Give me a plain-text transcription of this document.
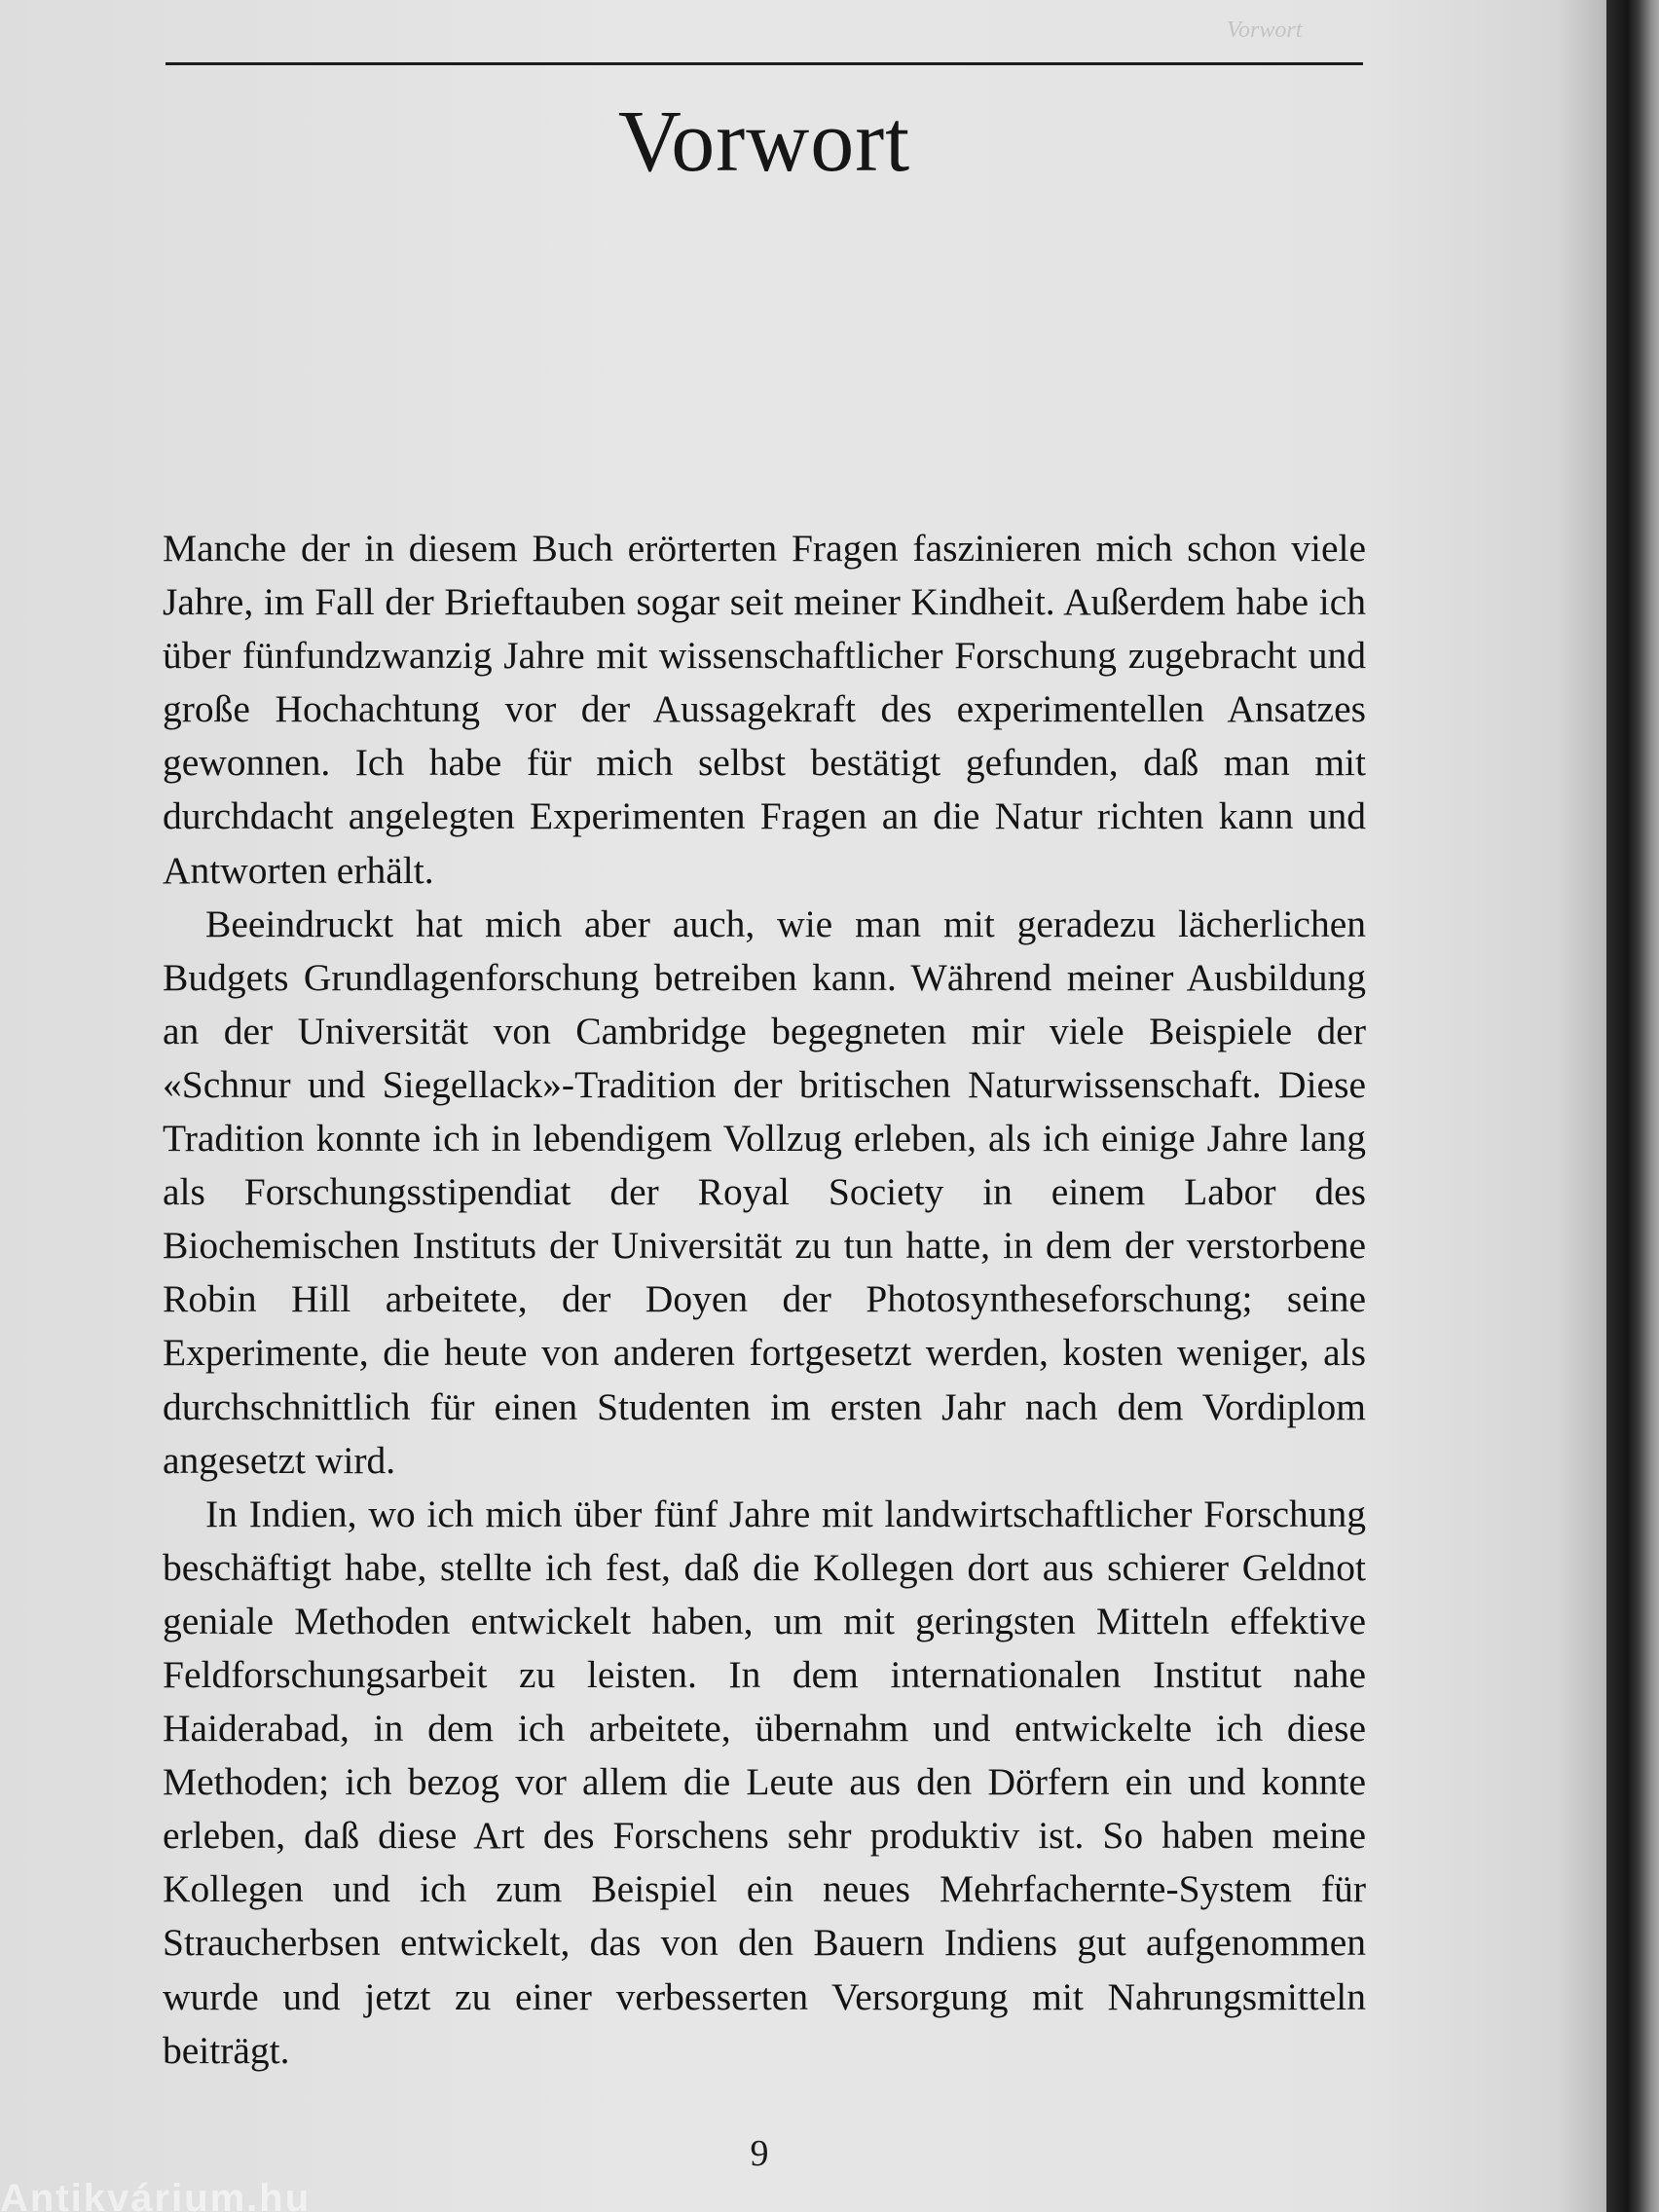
Vorwort
Vorwort

Manche der in diesem Buch erörterten Fragen faszinieren mich schon viele Jahre, im Fall der Brieftauben sogar seit meiner Kindheit. Außerdem habe ich über fünfundzwanzig Jahre mit wissenschaftlicher Forschung zugebracht und große Hochachtung vor der Aussagekraft des experimentellen Ansatzes gewonnen. Ich habe für mich selbst bestätigt gefunden, daß man mit durchdacht angelegten Experimenten Fragen an die Natur richten kann und Antworten erhält.

Beeindruckt hat mich aber auch, wie man mit geradezu lächerlichen Budgets Grundlagenforschung betreiben kann. Während meiner Ausbildung an der Universität von Cambridge begegneten mir viele Beispiele der «Schnur und Siegellack»-Tradition der britischen Naturwissenschaft. Diese Tradition konnte ich in lebendigem Vollzug erleben, als ich einige Jahre lang als Forschungsstipendiat der Royal Society in einem Labor des Biochemischen Instituts der Universität zu tun hatte, in dem der verstorbene Robin Hill arbeitete, der Doyen der Photosyntheseforschung; seine Experimente, die heute von anderen fortgesetzt werden, kosten weniger, als durchschnittlich für einen Studenten im ersten Jahr nach dem Vordiplom angesetzt wird.

In Indien, wo ich mich über fünf Jahre mit landwirtschaftlicher Forschung beschäftigt habe, stellte ich fest, daß die Kollegen dort aus schierer Geldnot geniale Methoden entwickelt haben, um mit geringsten Mitteln effektive Feldforschungsarbeit zu leisten. In dem internationalen Institut nahe Haiderabad, in dem ich arbeitete, übernahm und entwickelte ich diese Methoden; ich bezog vor allem die Leute aus den Dörfern ein und konnte erleben, daß diese Art des Forschens sehr produktiv ist. So haben meine Kollegen und ich zum Beispiel ein neues Mehrfachernte-System für Straucherbsen entwickelt, das von den Bauern Indiens gut aufgenommen wurde und jetzt zu einer verbesserten Versorgung mit Nahrungsmitteln beiträgt.

9
Antikvárium.hu
